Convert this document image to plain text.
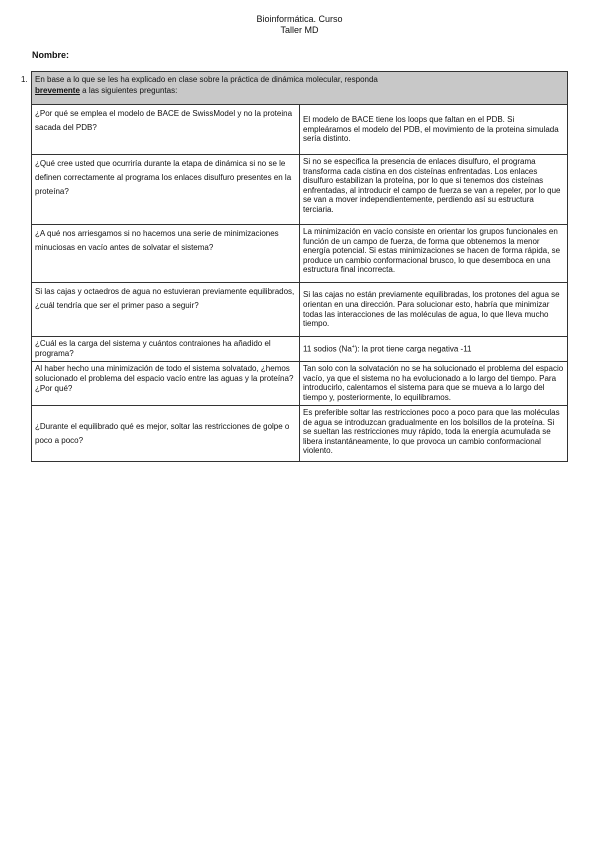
Bioinformática. Curso
Taller MD
Nombre:
1. En base a lo que se les ha explicado en clase sobre la práctica de dinámica molecular, responda
brevemente a las siguientes preguntas:	
¿Por qué se emplea el modelo de BACE de SwissModel y no la proteina sacada del PDB?	El modelo de BACE tiene los loops que faltan en el PDB. Si empleáramos el modelo del PDB, el movimiento de la proteina simulada sería distinto.
¿Qué cree usted que ocurriría durante la etapa de dinámica si no se le definen correctamente al programa los enlaces disulfuro presentes en la proteína?	Si no se especifica la presencia de enlaces disulfuro, el programa transforma cada cistina en dos cisteínas enfrentadas. Los enlaces disulfuro estabilizan la proteína, por lo que si tenemos dos cisteínas enfrentadas, al introducir el campo de fuerza se van a repeler, por lo que se van a mover independientemente, perdiendo así su estructura terciaria.
¿A qué nos arriesgamos si no hacemos una serie de minimizaciones minuciosas en vacío antes de solvatar el sistema?	La minimización en vacío consiste en orientar los grupos funcionales en función de un campo de fuerza, de forma que obtenemos la menor energía potencial. Si estas minimizaciones se hacen de forma rápida, se produce un cambio conformacional brusco, lo que desemboca en una estructura final incorrecta.
Si las cajas y octaedros de agua no estuvieran previamente equilibrados, ¿cuál tendría que ser el primer paso a seguir?	Si las cajas no están previamente equilibradas, los protones del agua se orientan en una dirección. Para solucionar esto, habría que minimizar todas las interacciones de las moléculas de agua, lo que lleva mucho tiempo.
¿Cuál es la carga del sistema y cuántos contraiones ha añadido el programa?	11 sodios (Na+): la prot tiene carga negativa -11
Al haber hecho una minimización de todo el sistema solvatado, ¿hemos solucionado el problema del espacio vacío entre las aguas y la proteína? ¿Por qué?	Tan solo con la solvatación no se ha solucionado el problema del espacio vacío, ya que el sistema no ha evolucionado a lo largo del tiempo. Para introducirlo, calentamos el sistema para que se mueva a lo largo del tiempo y, posteriormente, lo equilibramos.
¿Durante el equilibrado qué es mejor, soltar las restricciones de golpe o poco a poco?	Es preferible soltar las restricciones poco a poco para que las moléculas de agua se introduzcan gradualmente en los bolsillos de la proteína. Si se sueltan las restricciones muy rápido, toda la energía acumulada se libera instantáneamente, lo que provoca un cambio conformacional violento.
